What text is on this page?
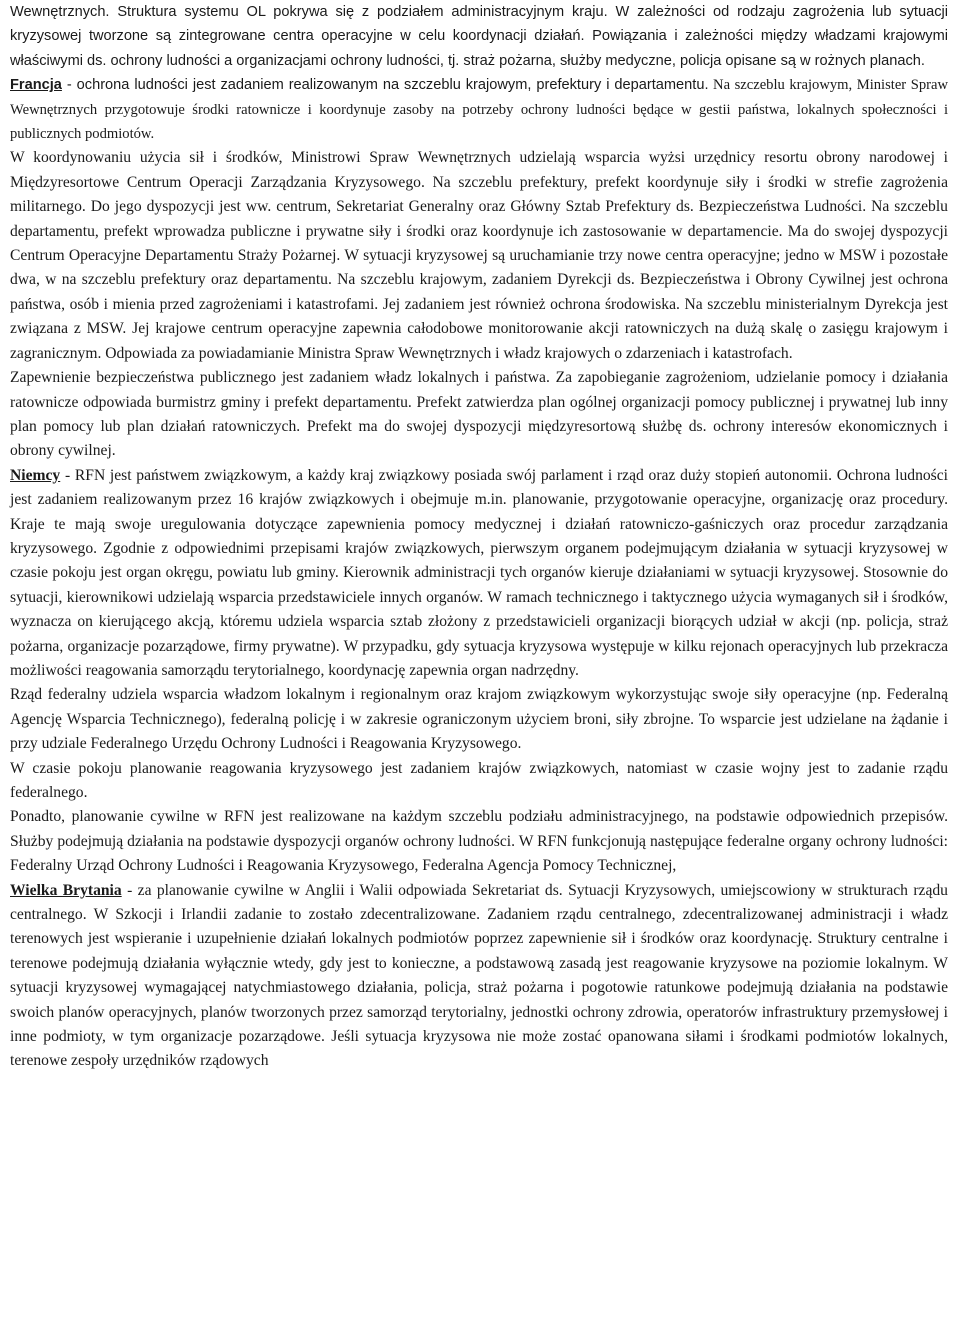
Wewnętrznych. Struktura systemu OL pokrywa się z podziałem administracyjnym kraju. W zależności od rodzaju zagrożenia lub sytuacji kryzysowej tworzone są zintegrowane centra operacyjne w celu koordynacji działań. Powiązania i zależności między władzami krajowymi właściwymi ds. ochrony ludności a organizacjami ochrony ludności, tj. straż pożarna, służby medyczne, policja opisane są w rożnych planach.

Francja - ochrona ludności jest zadaniem realizowanym na szczeblu krajowym, prefektury i departamentu. Na szczeblu krajowym, Minister Spraw Wewnętrznych przygotowuje środki ratownicze i koordynuje zasoby na potrzeby ochrony ludności będące w gestii państwa, lokalnych społeczności i publicznych podmiotów.

W koordynowaniu użycia sił i środków, Ministrowi Spraw Wewnętrznych udzielają wsparcia wyżsi urzędnicy resortu obrony narodowej i Międzyresortowe Centrum Operacji Zarządzania Kryzysowego. Na szczeblu prefektury, prefekt koordynuje siły i środki w strefie zagrożenia militarnego. Do jego dyspozycji jest ww. centrum, Sekretariat Generalny oraz Główny Sztab Prefektury ds. Bezpieczeństwa Ludności. Na szczeblu departamentu, prefekt wprowadza publiczne i prywatne siły i środki oraz koordynuje ich zastosowanie w departamencie. Ma do swojej dyspozycji Centrum Operacyjne Departamentu Straży Pożarnej. W sytuacji kryzysowej są uruchamianie trzy nowe centra operacyjne; jedno w MSW i pozostałe dwa, w na szczeblu prefektury oraz departamentu. Na szczeblu krajowym, zadaniem Dyrekcji ds. Bezpieczeństwa i Obrony Cywilnej jest ochrona państwa, osób i mienia przed zagrożeniami i katastrofami. Jej zadaniem jest również ochrona środowiska. Na szczeblu ministerialnym Dyrekcja jest związana z MSW. Jej krajowe centrum operacyjne zapewnia całodobowe monitorowanie akcji ratowniczych na dużą skalę o zasięgu krajowym i zagranicznym. Odpowiada za powiadamianie Ministra Spraw Wewnętrznych i władz krajowych o zdarzeniach i katastrofach.

Zapewnienie bezpieczeństwa publicznego jest zadaniem władz lokalnych i państwa. Za zapobieganie zagrożeniom, udzielanie pomocy i działania ratownicze odpowiada burmistrz gminy i prefekt departamentu. Prefekt zatwierdza plan ogólnej organizacji pomocy publicznej i prywatnej lub inny plan pomocy lub plan działań ratowniczych. Prefekt ma do swojej dyspozycji międzyresortową służbę ds. ochrony interesów ekonomicznych i obrony cywilnej.

Niemcy - RFN jest państwem związkowym, a każdy kraj związkowy posiada swój parlament i rząd oraz duży stopień autonomii. Ochrona ludności jest zadaniem realizowanym przez 16 krajów związkowych i obejmuje m.in. planowanie, przygotowanie operacyjne, organizację oraz procedury. Kraje te mają swoje uregulowania dotyczące zapewnienia pomocy medycznej i działań ratowniczo-gaśniczych oraz procedur zarządzania kryzysowego. Zgodnie z odpowiednimi przepisami krajów związkowych, pierwszym organem podejmującym działania w sytuacji kryzysowej w czasie pokoju jest organ okręgu, powiatu lub gminy. Kierownik administracji tych organów kieruje działaniami w sytuacji kryzysowej. Stosownie do sytuacji, kierownikowi udzielają wsparcia przedstawiciele innych organów. W ramach technicznego i taktycznego użycia wymaganych sił i środków, wyznacza on kierującego akcją, któremu udziela wsparcia sztab złożony z przedstawicieli organizacji biorących udział w akcji (np. policja, straż pożarna, organizacje pozarządowe, firmy prywatne). W przypadku, gdy sytuacja kryzysowa występuje w kilku rejonach operacyjnych lub przekracza możliwości reagowania samorządu terytorialnego, koordynację zapewnia organ nadrzędny.

Rząd federalny udziela wsparcia władzom lokalnym i regionalnym oraz krajom związkowym wykorzystując swoje siły operacyjne (np. Federalną Agencję Wsparcia Technicznego), federalną policję i w zakresie ograniczonym użyciem broni, siły zbrojne. To wsparcie jest udzielane na żądanie i przy udziale Federalnego Urzędu Ochrony Ludności i Reagowania Kryzysowego.

W czasie pokoju planowanie reagowania kryzysowego jest zadaniem krajów związkowych, natomiast w czasie wojny jest to zadanie rządu federalnego.

Ponadto, planowanie cywilne w RFN jest realizowane na każdym szczeblu podziału administracyjnego, na podstawie odpowiednich przepisów. Służby podejmują działania na podstawie dyspozycji organów ochrony ludności. W RFN funkcjonują następujące federalne organy ochrony ludności: Federalny Urząd Ochrony Ludności i Reagowania Kryzysowego, Federalna Agencja Pomocy Technicznej,

Wielka Brytania - za planowanie cywilne w Anglii i Walii odpowiada Sekretariat ds. Sytuacji Kryzysowych, umiejscowiony w strukturach rządu centralnego. W Szkocji i Irlandii zadanie to zostało zdecentralizowane. Zadaniem rządu centralnego, zdecentralizowanej administracji i władz terenowych jest wspieranie i uzupełnienie działań lokalnych podmiotów poprzez zapewnienie sił i środków oraz koordynację. Struktury centralne i terenowe podejmują działania wyłącznie wtedy, gdy jest to konieczne, a podstawową zasadą jest reagowanie kryzysowe na poziomie lokalnym. W sytuacji kryzysowej wymagającej natychmiastowego działania, policja, straż pożarna i pogotowie ratunkowe podejmują działania na podstawie swoich planów operacyjnych, planów tworzonych przez samorząd terytorialny, jednostki ochrony zdrowia, operatorów infrastruktury przemysłowej i inne podmioty, w tym organizacje pozarządowe. Jeśli sytuacja kryzysowa nie może zostać opanowana siłami i środkami podmiotów lokalnych, terenowe zespoły urzędników rządowych
